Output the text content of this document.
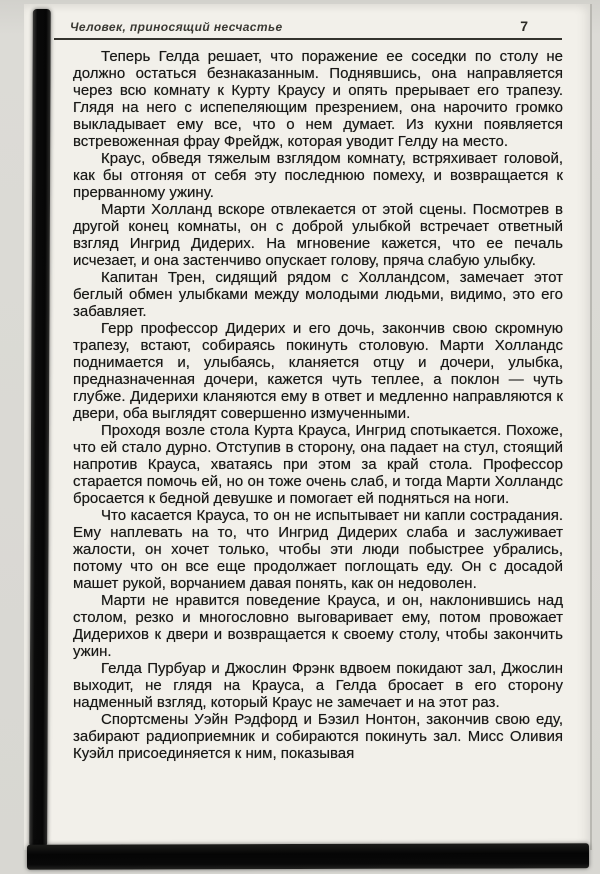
Человек, приносящий несчастье	7

Теперь Гелда решает, что поражение ее соседки по столу не должно остаться безнаказанным. Поднявшись, она направляется через всю комнату к Курту Краусу и опять прерывает его трапезу. Глядя на него с испепеляющим презрением, она нарочито громко выкладывает ему все, что о нем думает. Из кухни появляется встревоженная фрау Фрейдж, которая уводит Гелду на место.

Краус, обведя тяжелым взглядом комнату, встряхивает головой, как бы отгоняя от себя эту последнюю помеху, и возвращается к прерванному ужину.

Марти Холланд вскоре отвлекается от этой сцены. Посмотрев в другой конец комнаты, он с доброй улыбкой встречает ответный взгляд Ингрид Дидерих. На мгновение кажется, что ее печаль исчезает, и она застенчиво опускает голову, пряча слабую улыбку.

Капитан Трен, сидящий рядом с Холландсом, замечает этот беглый обмен улыбками между молодыми людьми, видимо, это его забавляет.

Герр профессор Дидерих и его дочь, закончив свою скромную трапезу, встают, собираясь покинуть столовую. Марти Холландс поднимается и, улыбаясь, кланяется отцу и дочери, улыбка, предназначенная дочери, кажется чуть теплее, а поклон — чуть глубже. Дидерихи кланяются ему в ответ и медленно направляются к двери, оба выглядят совершенно измученными.

Проходя возле стола Курта Крауса, Ингрид спотыкается. Похоже, что ей стало дурно. Отступив в сторону, она падает на стул, стоящий напротив Крауса, хватаясь при этом за край стола. Профессор старается помочь ей, но он тоже очень слаб, и тогда Марти Холландс бросается к бедной девушке и помогает ей подняться на ноги.

Что касается Крауса, то он не испытывает ни капли сострадания. Ему наплевать на то, что Ингрид Дидерих слаба и заслуживает жалости, он хочет только, чтобы эти люди побыстрее убрались, потому что он все еще продолжает поглощать еду. Он с досадой машет рукой, ворчанием давая понять, как он недоволен.

Марти не нравится поведение Крауса, и он, наклонившись над столом, резко и многословно выговаривает ему, потом провожает Дидерихов к двери и возвращается к своему столу, чтобы закончить ужин.

Гелда Пурбуар и Джослин Фрэнк вдвоем покидают зал, Джослин выходит, не глядя на Крауса, а Гелда бросает в его сторону надменный взгляд, который Краус не замечает и на этот раз.

Спортсмены Уэйн Рэдфорд и Бэзил Нонтон, закончив свою еду, забирают радиоприемник и собираются покинуть зал. Мисс Оливия Куэйл присоединяется к ним, показывая
